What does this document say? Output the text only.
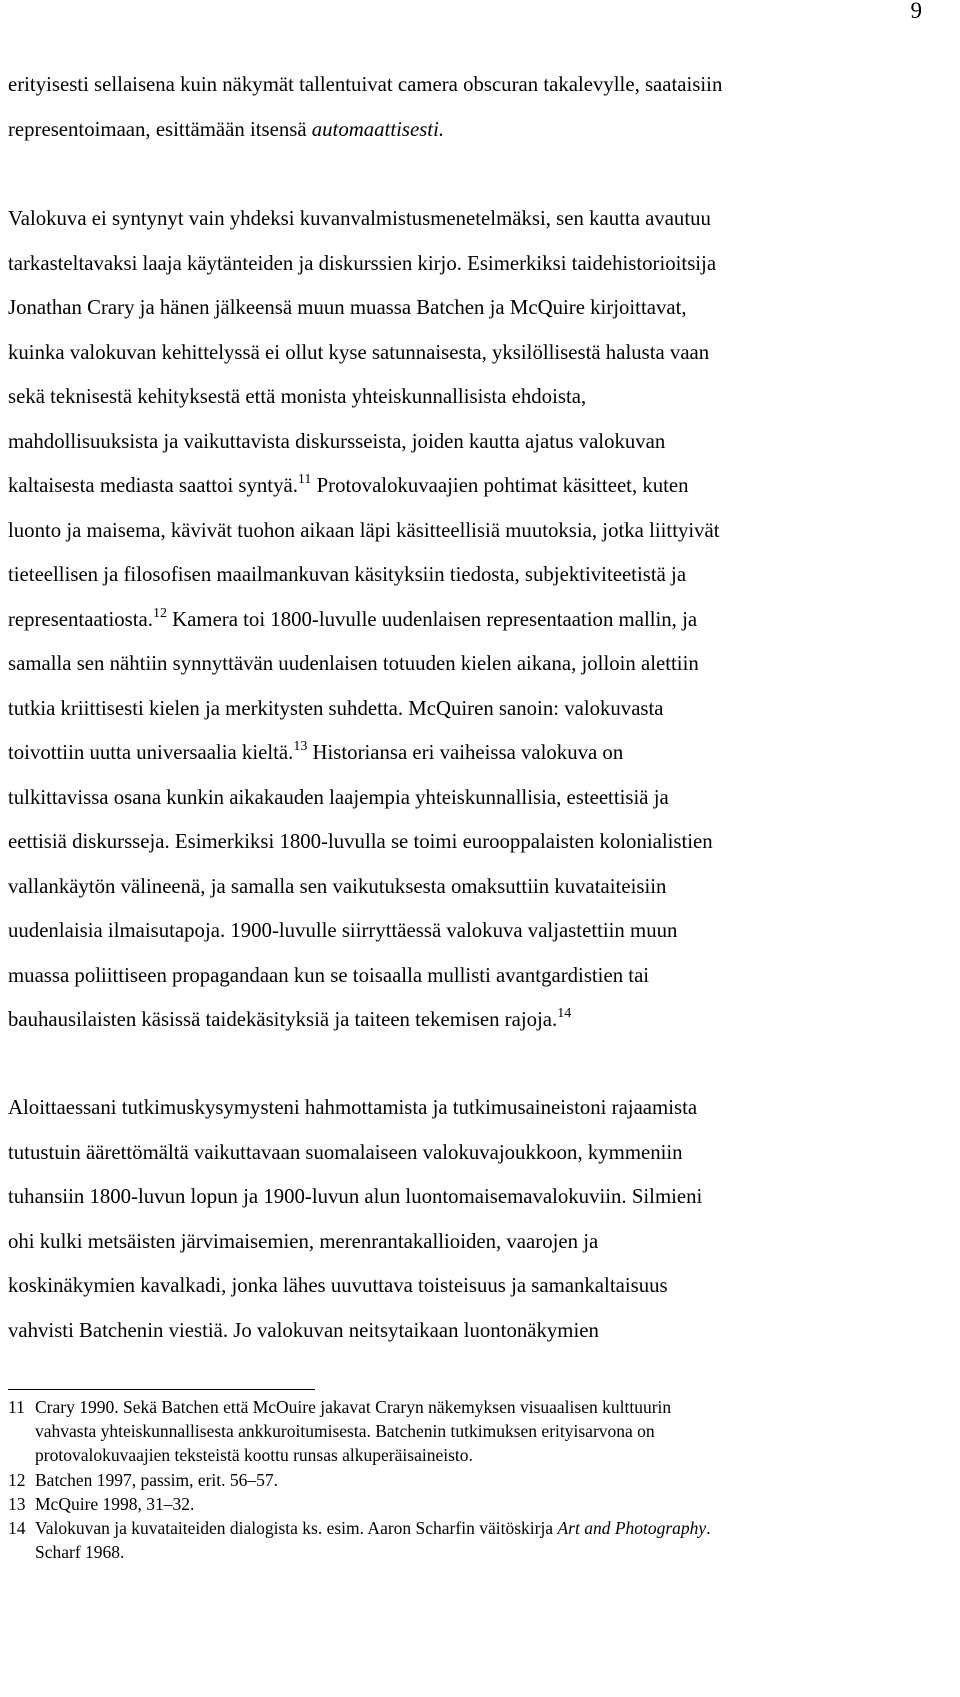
9

erityisesti sellaisena kuin näkymät tallentuivat camera obscuran takalevylle, saataisiin
representoimaan, esittämään itsensä automaattisesti.

Valokuva ei syntynyt vain yhdeksi kuvanvalmistusmenetelmäksi, sen kautta avautuu
tarkasteltavaksi laaja käytänteiden ja diskurssien kirjo. Esimerkiksi taidehistorioitsija
Jonathan Crary ja hänen jälkeensä muun muassa Batchen ja McQuire kirjoittavat,
kuinka valokuvan kehittelyssä ei ollut kyse satunnaisesta, yksilöllisestä halusta vaan
sekä teknisestä kehityksestä että monista yhteiskunnallisista ehdoista,
mahdollisuuksista ja vaikuttavista diskursseista, joiden kautta ajatus valokuvan
kaltaisesta mediasta saattoi syntyä.$^{11}$ Protovalokuvaajien pohtimat käsitteet, kuten
luonto ja maisema, kävivät tuohon aikaan läpi käsitteellisiä muutoksia, jotka liittyivät
tieteellisen ja filosofisen maailmankuvan käsityksiin tiedosta, subjektiviteetistä ja
representaatiosta.$^{12}$ Kamera toi 1800-luvulle uudenlaisen representaation mallin, ja
samalla sen nähtiin synnyttävän uudenlaisen totuuden kielen aikana, jolloin alettiin
tutkia kriittisesti kielen ja merkitysten suhdetta. McQuiren sanoin: valokuvasta
toivottiin uutta universaalia kieltä.$^{13}$ Historiansa eri vaiheissa valokuva on
tulkittavissa osana kunkin aikakauden laajempia yhteiskunnallisia, esteettisiä ja
eettisiä diskursseja. Esimerkiksi 1800-luvulla se toimi eurooppalaisten kolonialistien
vallankäytön välineenä, ja samalla sen vaikutuksesta omaksuttiin kuvataiteisiin
uudenlaisia ilmaisutapoja. 1900-luvulle siirryttäessä valokuva valjastettiin muun
muassa poliittiseen propagandaan kun se toisaalla mullisti avantgardistien tai
bauhausilaisten käsissä taidekäsityksiä ja taiteen tekemisen rajoja.$^{14}$

Aloittaessani tutkimuskysymysteni hahmottamista ja tutkimusaineistoni rajaamista
tutustuin äärettömältä vaikuttavaan suomalaiseen valokuvajoukkoon, kymmeniin
tuhansiin 1800-luvun lopun ja 1900-luvun alun luontomaisemavalokuviin. Silmieni
ohi kulki metsäisten järvimaisemien, merenrantakallioiden, vaarojen ja
koskinäkymien kavalkadi, jonka lähes uuvuttava toisteisuus ja samankaltaisuus
vahvisti Batchenin viestiä. Jo valokuvan neitsytaikaan luontonäkymien

11 Crary 1990. Sekä Batchen että McOuire jakavat Craryn näkemyksen visuaalisen kulttuurin
vahvasta yhteiskunnallisesta ankkuroitumisesta. Batchenin tutkimuksen erityisarvona on
protovalokuvaajien teksteistä koottu runsas alkuperäisaineisto.
12 Batchen 1997, passim, erit. 56–57.
13 McQuire 1998, 31–32.
14 Valokuvan ja kuvataiteiden dialogista ks. esim. Aaron Scharfin väitöskirja Art and Photography.
Scharf 1968.
